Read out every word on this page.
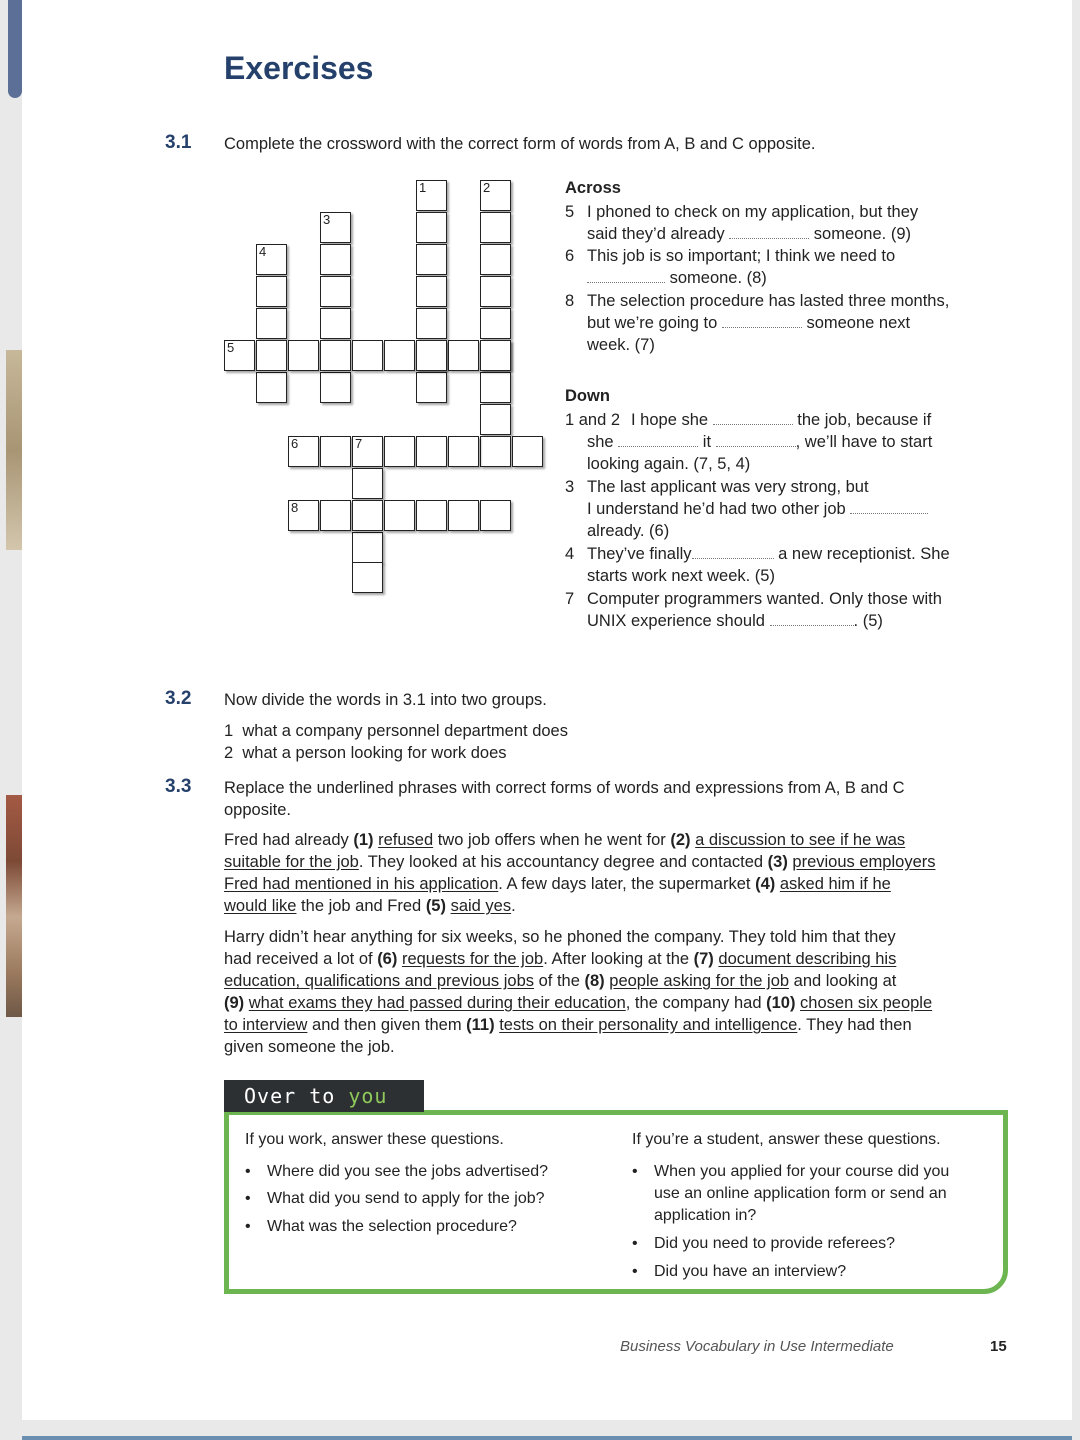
Exercises
3.1 Complete the crossword with the correct form of words from A, B and C opposite.
1	2
3
4
5
6	7
8
Across
5 I phoned to check on my application, but they
said they’d already	someone. (9)
6 This job is so important; I think we need to
someone. (8)
8 The selection procedure has lasted three months,
but we’re going to	someone next
week. (7)
Down
1 and 2 I hope she	the job, because if
she	it	, we’ll have to start
looking again. (7, 5, 4)
3 The last applicant was very strong, but
I understand he’d had two other job
already. (6)
4 They’ve finally	a new receptionist. She
starts work next week. (5)
7 Computer programmers wanted. Only those with
UNIX experience should	. (5)
3.2 Now divide the words in 3.1 into two groups.
1 what a company personnel department does
2 what a person looking for work does
3.3 Replace the underlined phrases with correct forms of words and expressions from A, B and C
opposite.
Fred had already (1) refused two job offers when he went for (2) a discussion to see if he was
suitable for the job. They looked at his accountancy degree and contacted (3) previous employers
Fred had mentioned in his application. A few days later, the supermarket (4) asked him if he
would like the job and Fred (5) said yes.
Harry didn’t hear anything for six weeks, so he phoned the company. They told him that they
had received a lot of (6) requests for the job. After looking at the (7) document describing his
education, qualifications and previous jobs of the (8) people asking for the job and looking at
(9) what exams they had passed during their education, the company had (10) chosen six people
to interview and then given them (11) tests on their personality and intelligence. They had then
given someone the job.
Over to you
If you work, answer these questions.
• Where did you see the jobs advertised?
• What did you send to apply for the job?
• What was the selection procedure?
If you’re a student, answer these questions.
• When you applied for your course did you
use an online application form or send an
application in?
• Did you need to provide referees?
• Did you have an interview?
Business Vocabulary in Use Intermediate	15
